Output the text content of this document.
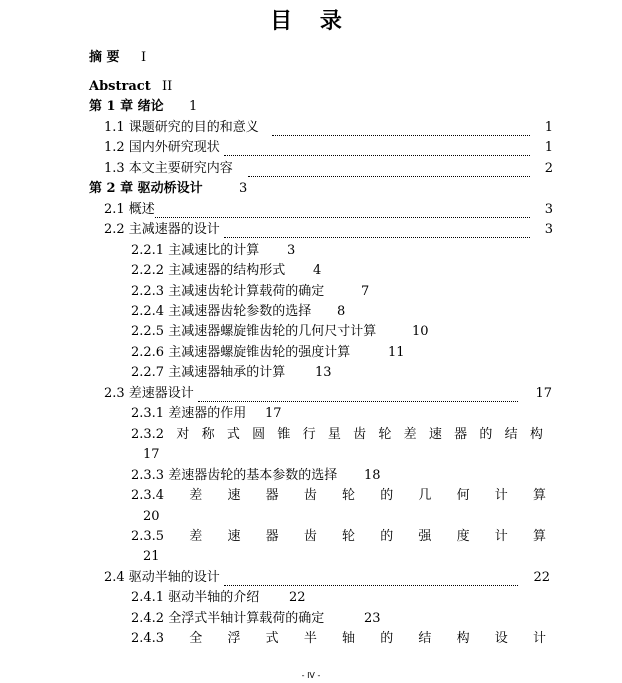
目 录
摘 要 I
Abstract II
第 1 章 绪论 1
1.1 课题研究的目的和意义	1
1.2 国内外研究现状	1
1.3 本文主要研究内容	2
第 2 章 驱动桥设计	3
2.1 概述	3
2.2 主减速器的设计	3
2.2.1 主减速比的计算 3
2.2.2 主减速器的结构形式 4
2.2.3 主减速齿轮计算载荷的确定	7
2.2.4 主减速器齿轮参数的选择 8
2.2.5 主减速器螺旋锥齿轮的几何尺寸计算	10
2.2.6 主减速器螺旋锥齿轮的强度计算	11
2.2.7 主减速器轴承的计算 13
2.3 差速器设计	17
2.3.1 差速器的作用 17
2.3.2 对 称 式 圆 锥 行 星 齿 轮 差 速 器 的 结 构
17
2.3.3 差速器齿轮的基本参数的选择 18
2.3.4 差 速 器 齿 轮 的 几 何 计 算
20
2.3.5 差 速 器 齿 轮 的 强 度 计 算
21
2.4 驱动半轴的设计	22
2.4.1 驱动半轴的介绍 22
2.4.2 全浮式半轴计算载荷的确定	23
2.4.3 全 浮 式 半 轴 的 结 构 设 计
- IV -
